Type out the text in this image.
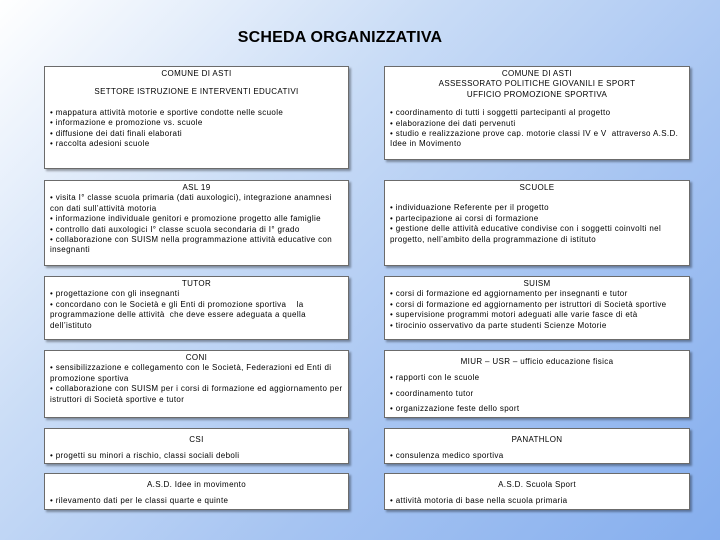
SCHEDA ORGANIZZATIVA
COMUNE DI ASTI
SETTORE ISTRUZIONE E INTERVENTI EDUCATIVI
• mappatura attività motorie e sportive condotte nelle scuole
• informazione e promozione vs. scuole
• diffusione dei dati finali elaborati
• raccolta adesioni scuole
ASL 19
• visita I° classe scuola primaria (dati auxologici), integrazione anamnesi con dati sull’attività motoria
• informazione individuale genitori e promozione progetto alle famiglie
• controllo dati auxologici I° classe scuola secondaria di I° grado
• collaborazione con SUISM nella programmazione attività educative con insegnanti
TUTOR
• progettazione con gli insegnanti
• concordano con le Società e gli Enti di promozione sportiva    la programmazione delle attività  che deve essere adeguata a quella dell’istituto
CONI
• sensibilizzazione e collegamento con le Società, Federazioni ed Enti di promozione sportiva
• collaborazione con SUISM per i corsi di formazione ed aggiornamento per istruttori di Società sportive e tutor
CSI
• progetti su minori a rischio, classi sociali deboli
A.S.D. Idee in movimento
• rilevamento dati per le classi quarte e quinte
COMUNE DI ASTI
ASSESSORATO POLITICHE GIOVANILI E SPORT
UFFICIO PROMOZIONE SPORTIVA
• coordinamento di tutti i soggetti partecipanti al progetto
• elaborazione dei dati pervenuti
• studio e realizzazione prove cap. motorie classi IV e V  attraverso A.S.D. Idee in Movimento
SCUOLE
• individuazione Referente per il progetto
• partecipazione ai corsi di formazione
• gestione delle attività educative condivise con i soggetti coinvolti nel progetto, nell’ambito della programmazione di istituto
SUISM
• corsi di formazione ed aggiornamento per insegnanti e tutor
• corsi di formazione ed aggiornamento per istruttori di Società sportive
• supervisione programmi motori adeguati alle varie fasce di età
• tirocinio osservativo da parte studenti Scienze Motorie
MIUR – USR – ufficio educazione fisica
• rapporti con le scuole
• coordinamento tutor
• organizzazione feste dello sport
PANATHLON
• consulenza medico sportiva
A.S.D. Scuola Sport
• attività motoria di base nella scuola primaria
